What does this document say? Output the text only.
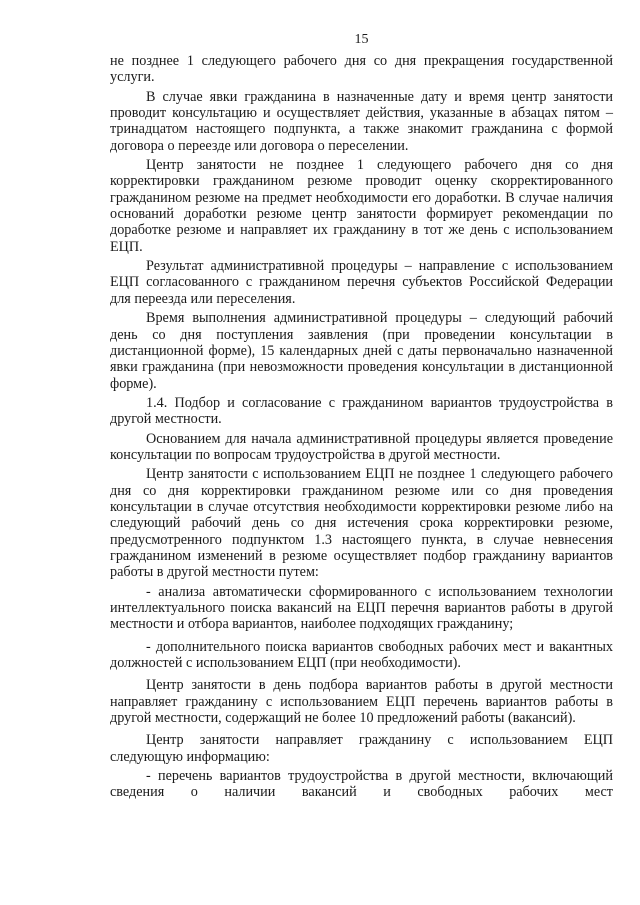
15

не позднее 1 следующего рабочего дня со дня прекращения государственной услуги.

В случае явки гражданина в назначенные дату и время центр занятости проводит консультацию и осуществляет действия, указанные в абзацах пятом – тринадцатом настоящего подпункта, а также знакомит гражданина с формой договора о переезде или договора о переселении.

Центр занятости не позднее 1 следующего рабочего дня со дня корректировки гражданином резюме проводит оценку скорректированного гражданином резюме на предмет необходимости его доработки. В случае наличия оснований доработки резюме центр занятости формирует рекомендации по доработке резюме и направляет их гражданину в тот же день с использованием ЕЦП.

Результат административной процедуры – направление с использованием ЕЦП согласованного с гражданином перечня субъектов Российской Федерации для переезда или переселения.

Время выполнения административной процедуры – следующий рабочий день со дня поступления заявления (при проведении консультации в дистанционной форме), 15 календарных дней с даты первоначально назначенной явки гражданина (при невозможности проведения консультации в дистанционной форме).

1.4. Подбор и согласование с гражданином вариантов трудоустройства в другой местности.

Основанием для начала административной процедуры является проведение консультации по вопросам трудоустройства в другой местности.

Центр занятости с использованием ЕЦП не позднее 1 следующего рабочего дня со дня корректировки гражданином резюме или со дня проведения консультации в случае отсутствия необходимости корректировки резюме либо на следующий рабочий день со дня истечения срока корректировки резюме, предусмотренного подпунктом 1.3 настоящего пункта, в случае невнесения гражданином изменений в резюме осуществляет подбор гражданину вариантов работы в другой местности путем:

- анализа автоматически сформированного с использованием технологии интеллектуального поиска вакансий на ЕЦП перечня вариантов работы в другой местности и отбора вариантов, наиболее подходящих гражданину;

- дополнительного поиска вариантов свободных рабочих мест и вакантных должностей с использованием ЕЦП (при необходимости).

Центр занятости в день подбора вариантов работы в другой местности направляет гражданину с использованием ЕЦП перечень вариантов работы в другой местности, содержащий не более 10 предложений работы (вакансий).

Центр занятости направляет гражданину с использованием ЕЦП следующую информацию:

- перечень вариантов трудоустройства в другой местности, включающий сведения о наличии вакансий и свободных рабочих мест
